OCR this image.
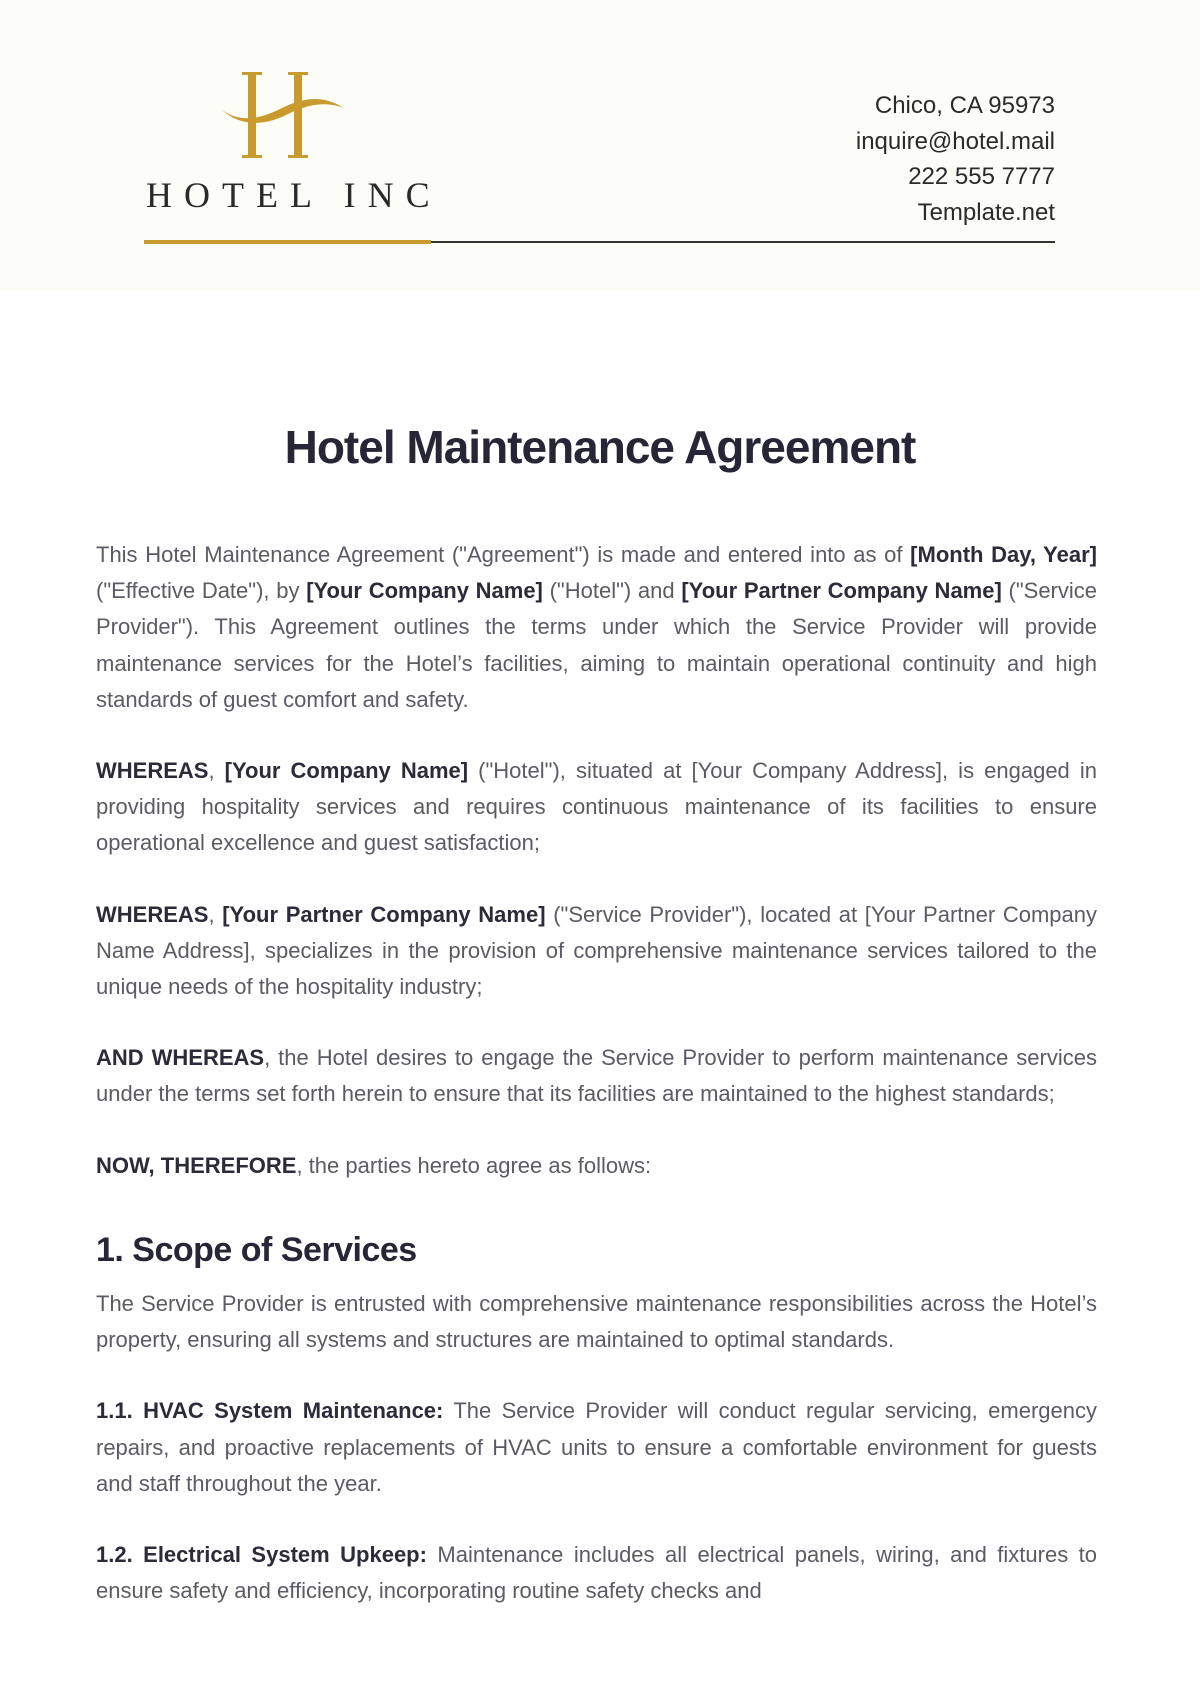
HOTEL INC
Chico, CA 95973
inquire@hotel.mail
222 555 7777
Template.net
Hotel Maintenance Agreement

This Hotel Maintenance Agreement ("Agreement") is made and entered into as of [Month Day, Year] ("Effective Date"), by [Your Company Name] ("Hotel") and [Your Partner Company Name] ("Service Provider"). This Agreement outlines the terms under which the Service Provider will provide maintenance services for the Hotel’s facilities, aiming to maintain operational continuity and high standards of guest comfort and safety.

WHEREAS, [Your Company Name] ("Hotel"), situated at [Your Company Address], is engaged in providing hospitality services and requires continuous maintenance of its facilities to ensure operational excellence and guest satisfaction;

WHEREAS, [Your Partner Company Name] ("Service Provider"), located at [Your Partner Company Name Address], specializes in the provision of comprehensive maintenance services tailored to the unique needs of the hospitality industry;

AND WHEREAS, the Hotel desires to engage the Service Provider to perform maintenance services under the terms set forth herein to ensure that its facilities are maintained to the highest standards;

NOW, THEREFORE, the parties hereto agree as follows:

1. Scope of Services

The Service Provider is entrusted with comprehensive maintenance responsibilities across the Hotel’s property, ensuring all systems and structures are maintained to optimal standards.

1.1. HVAC System Maintenance: The Service Provider will conduct regular servicing, emergency repairs, and proactive replacements of HVAC units to ensure a comfortable environment for guests and staff throughout the year.

1.2. Electrical System Upkeep: Maintenance includes all electrical panels, wiring, and fixtures to ensure safety and efficiency, incorporating routine safety checks and
